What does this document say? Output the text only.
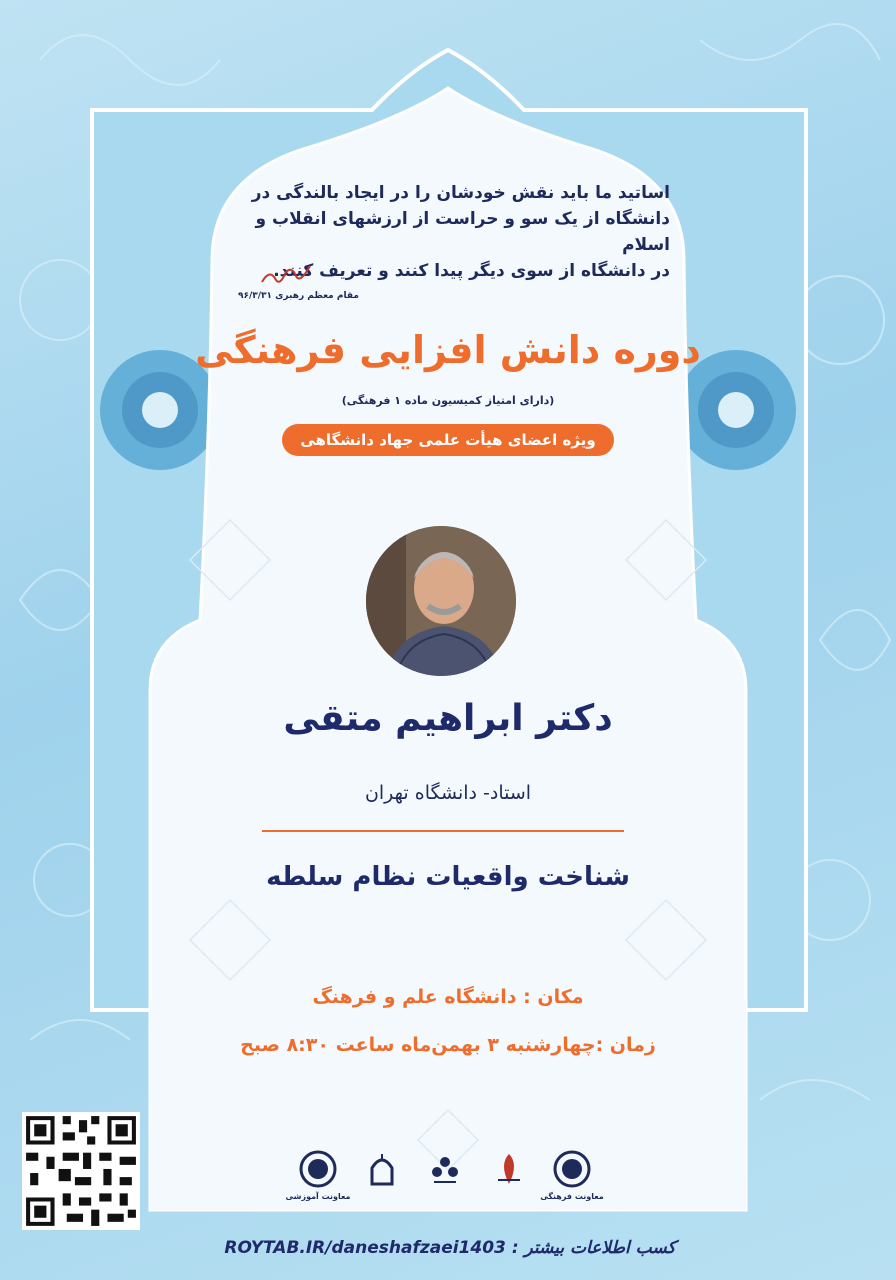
اساتید ما باید نقش خودشان را در ایجاد بالندگی در
دانشگاه از یک سو و حراست از ارزشهای انقلاب و اسلام
در دانشگاه از سوی دیگر پیدا کنند و تعریف کنند.
مقام معظم رهبری ۹۶/۳/۳۱
دوره دانش افزایی فرهنگی
(دارای امتیاز کمیسیون ماده ۱ فرهنگی)
ویژه اعضای هیأت علمی جهاد دانشگاهی
دکتر ابراهیم متقی
استاد- دانشگاه تهران
شناخت واقعیات نظام سلطه
مکان : دانشگاه علم و فرهنگ
زمان :چهارشنبه ۳ بهمن‌ماه ساعت ۸:۳۰ صبح
معاونت فرهنگی
معاونت آموزشی
کسب اطلاعات بیشتر : ROYTAB.IR/daneshafzaei1403
